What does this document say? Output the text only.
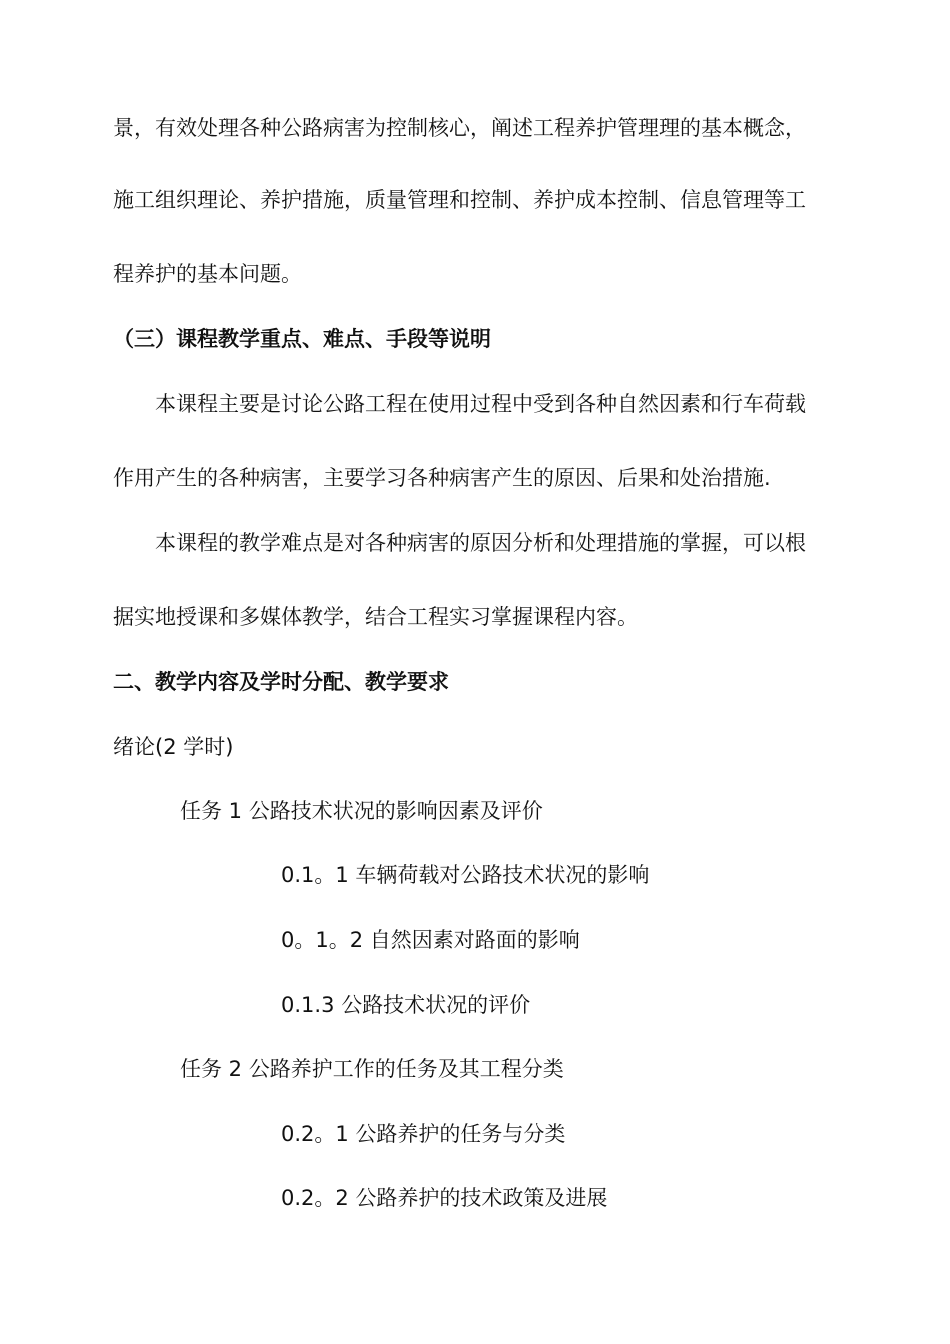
景，有效处理各种公路病害为控制核心，阐述工程养护管理理的基本概念，
施工组织理论、养护措施，质量管理和控制、养护成本控制、信息管理等工
程养护的基本问题。
（三）课程教学重点、难点、手段等说明
本课程主要是讨论公路工程在使用过程中受到各种自然因素和行车荷载
作用产生的各种病害，主要学习各种病害产生的原因、后果和处治措施.
本课程的教学难点是对各种病害的原因分析和处理措施的掌握，可以根
据实地授课和多媒体教学，结合工程实习掌握课程内容。
二、教学内容及学时分配、教学要求
绪论(2 学时)
任务 1 公路技术状况的影响因素及评价
0.1。1 车辆荷载对公路技术状况的影响
0。1。2 自然因素对路面的影响
0.1.3 公路技术状况的评价
任务 2 公路养护工作的任务及其工程分类
0.2。1 公路养护的任务与分类
0.2。2 公路养护的技术政策及进展
